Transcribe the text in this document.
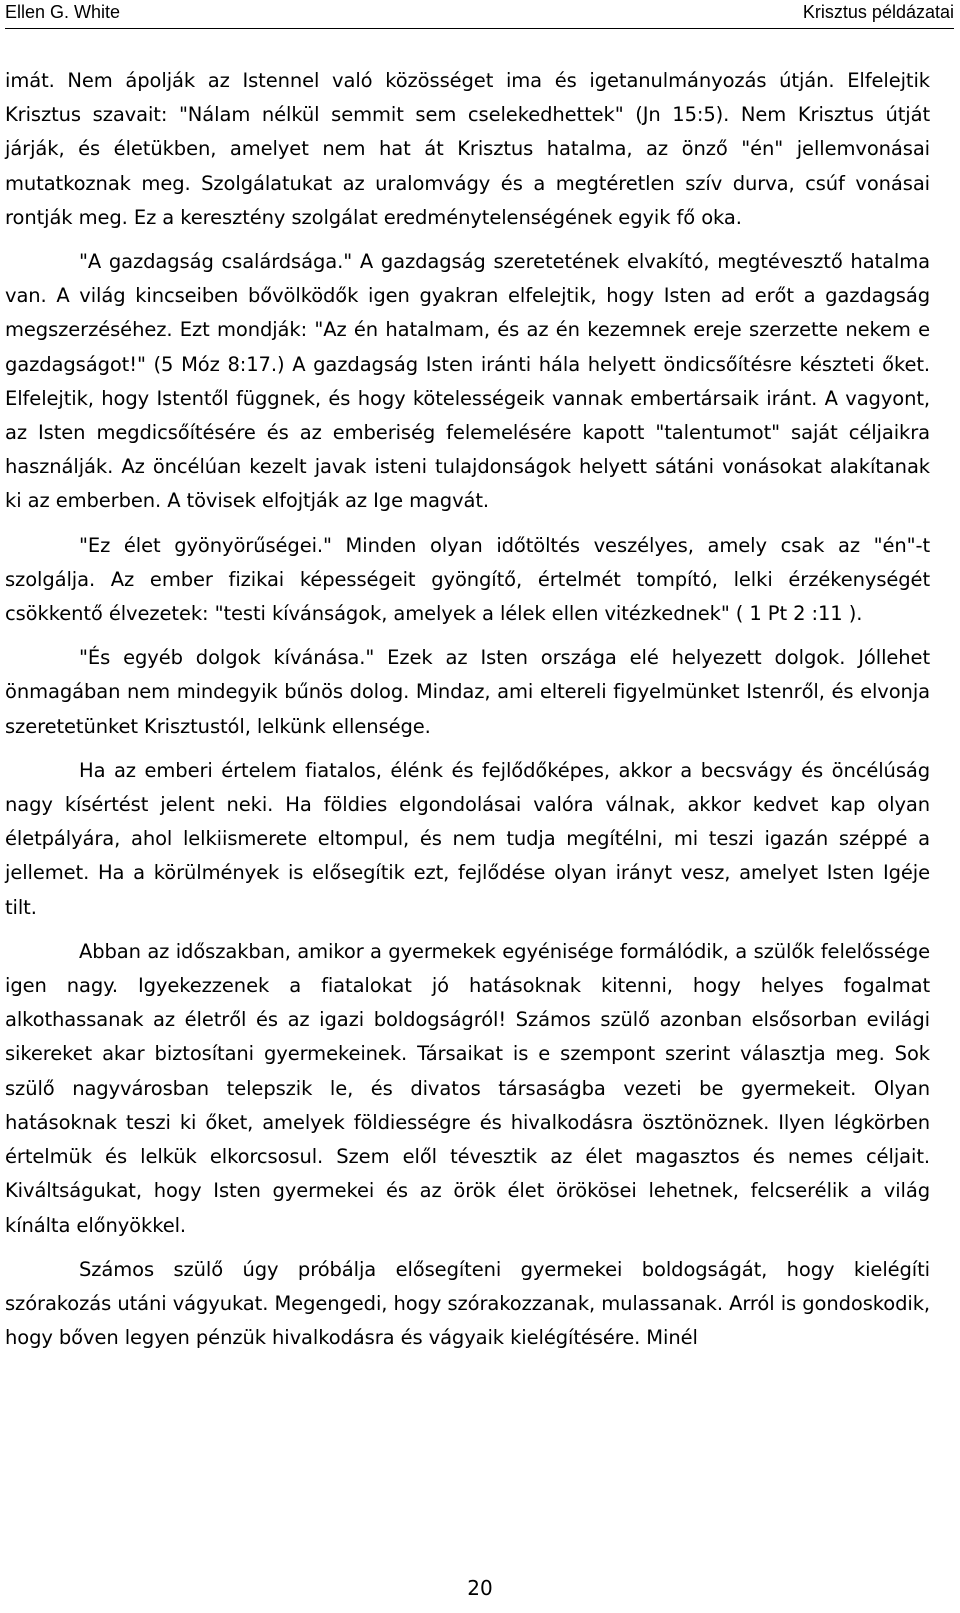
Ellen G. White	Krisztus példázatai

imát. Nem ápolják az Istennel való közösséget ima és igetanulmányozás útján. Elfelejtik Krisztus szavait: "Nálam nélkül semmit sem cselekedhettek" (Jn 15:5). Nem Krisztus útját járják, és életükben, amelyet nem hat át Krisztus hatalma, az önző "én" jellemvonásai mutatkoznak meg. Szolgálatukat az uralomvágy és a megtéretlen szív durva, csúf vonásai rontják meg. Ez a keresztény szolgálat eredménytelenségének egyik fő oka.

"A gazdagság csalárdsága." A gazdagság szeretetének elvakító, megtévesztő hatalma van. A világ kincseiben bővölködők igen gyakran elfelejtik, hogy Isten ad erőt a gazdagság megszerzéséhez. Ezt mondják: "Az én hatalmam, és az én kezemnek ereje szerzette nekem e gazdagságot!" (5 Móz 8:17.) A gazdagság Isten iránti hála helyett öndicsőítésre készteti őket. Elfelejtik, hogy Istentől függnek, és hogy kötelességeik vannak embertársaik iránt. A vagyont, az Isten megdicsőítésére és az emberiség felemelésére kapott "talentumot" saját céljaikra használják. Az öncélúan kezelt javak isteni tulajdonságok helyett sátáni vonásokat alakítanak ki az emberben. A tövisek elfojtják az Ige magvát.

"Ez élet gyönyörűségei." Minden olyan időtöltés veszélyes, amely csak az "én"-t szolgálja. Az ember fizikai képességeit gyöngítő, értelmét tompító, lelki érzékenységét csökkentő élvezetek: "testi kívánságok, amelyek a lélek ellen vitézkednek" ( 1 Pt 2 :11 ).

"És egyéb dolgok kívánása." Ezek az Isten országa elé helyezett dolgok. Jóllehet önmagában nem mindegyik bűnös dolog. Mindaz, ami eltereli figyelmünket Istenről, és elvonja szeretetünket Krisztustól, lelkünk ellensége.

Ha az emberi értelem fiatalos, élénk és fejlődőképes, akkor a becsvágy és öncélúság nagy kísértést jelent neki. Ha földies elgondolásai valóra válnak, akkor kedvet kap olyan életpályára, ahol lelkiismerete eltompul, és nem tudja megítélni, mi teszi igazán széppé a jellemet. Ha a körülmények is elősegítik ezt, fejlődése olyan irányt vesz, amelyet Isten Igéje tilt.

Abban az időszakban, amikor a gyermekek egyénisége formálódik, a szülők felelőssége igen nagy. Igyekezzenek a fiatalokat jó hatásoknak kitenni, hogy helyes fogalmat alkothassanak az életről és az igazi boldogságról! Számos szülő azonban elsősorban evilági sikereket akar biztosítani gyermekeinek. Társaikat is e szempont szerint választja meg. Sok szülő nagyvárosban telepszik le, és divatos társaságba vezeti be gyermekeit. Olyan hatásoknak teszi ki őket, amelyek földiességre és hivalkodásra ösztönöznek. Ilyen légkörben értelmük és lelkük elkorcsosul. Szem elől tévesztik az élet magasztos és nemes céljait. Kiváltságukat, hogy Isten gyermekei és az örök élet örökösei lehetnek, felcserélik a világ kínálta előnyökkel.

Számos szülő úgy próbálja elősegíteni gyermekei boldogságát, hogy kielégíti szórakozás utáni vágyukat. Megengedi, hogy szórakozzanak, mulassanak. Arról is gondoskodik, hogy bőven legyen pénzük hivalkodásra és vágyaik kielégítésére. Minél

20
